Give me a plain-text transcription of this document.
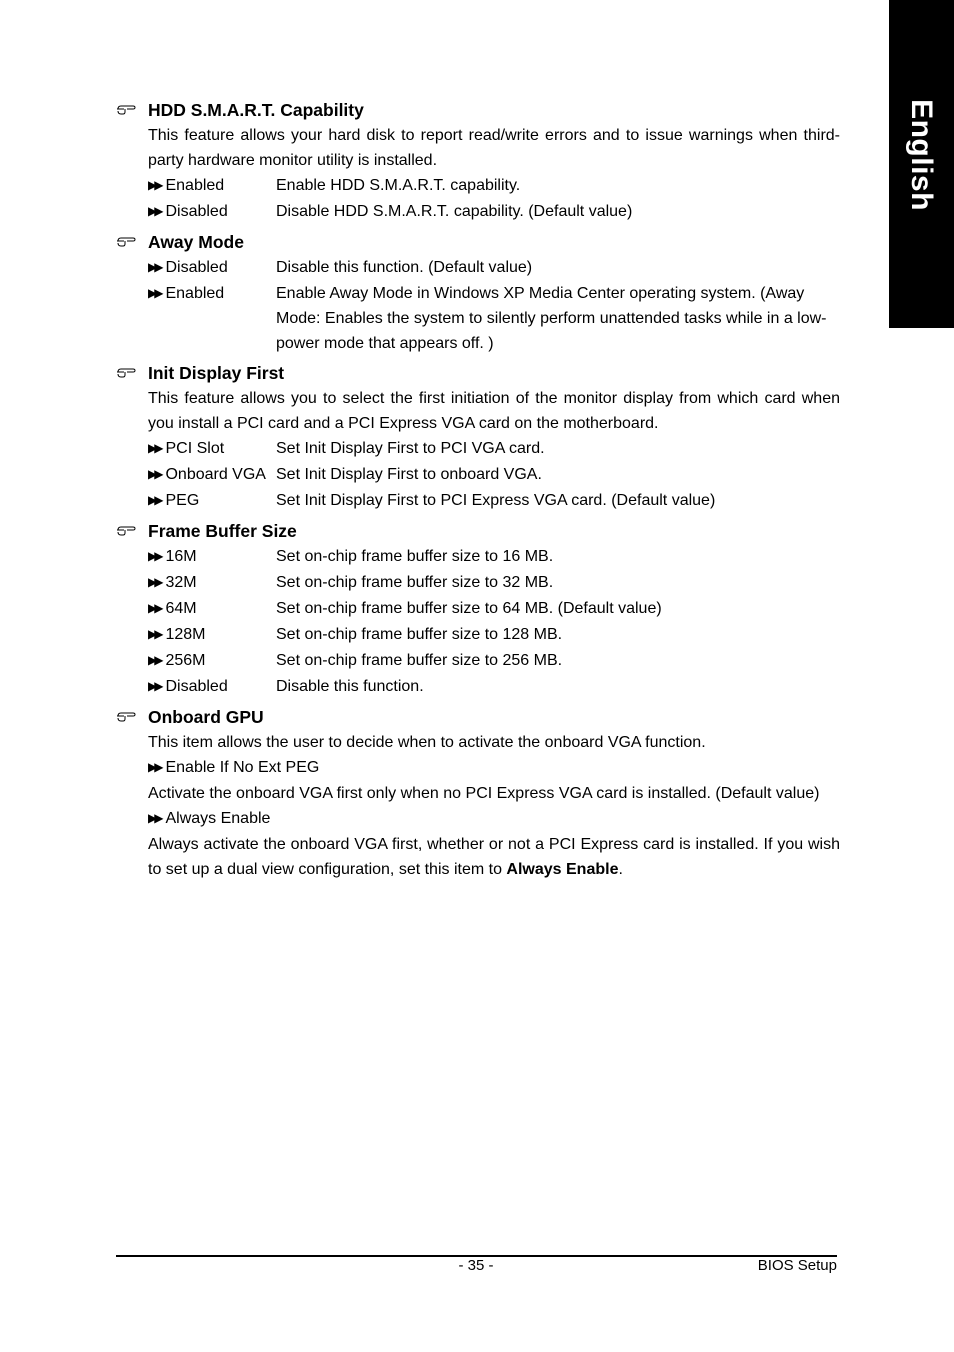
English
HDD S.M.A.R.T. Capability
This feature allows your hard disk to report read/write errors and to issue warnings when third-party hardware monitor utility is installed.
▶▶ Enabled	Enable HDD S.M.A.R.T. capability.
▶▶ Disabled	Disable HDD S.M.A.R.T. capability. (Default value)
Away Mode
▶▶ Disabled	Disable this function. (Default value)
▶▶ Enabled	Enable Away Mode in Windows XP Media Center operating system. (Away Mode: Enables the system to silently perform unattended tasks while in a low-power mode that appears off. )
Init Display First
This feature allows you to select the first initiation of the monitor display from which card when you install a PCI card and a PCI Express VGA card on the motherboard.
▶▶ PCI Slot	Set Init Display First to PCI VGA card.
▶▶ Onboard VGA Set Init Display First to onboard VGA.
▶▶ PEG	Set Init Display First to PCI Express VGA card. (Default value)
Frame Buffer Size
▶▶ 16M	Set on-chip frame buffer size to 16 MB.
▶▶ 32M	Set on-chip frame buffer size to 32 MB.
▶▶ 64M	Set on-chip frame buffer size to 64 MB. (Default value)
▶▶ 128M	Set on-chip frame buffer size to 128 MB.
▶▶ 256M	Set on-chip frame buffer size to 256 MB.
▶▶ Disabled	Disable this function.
Onboard GPU
This item allows the user to decide when to activate the onboard VGA function.
▶▶ Enable If No Ext PEG
Activate the onboard VGA first only when no PCI Express VGA card is installed. (Default value)
▶▶ Always Enable
Always activate the onboard VGA first, whether or not a PCI Express card is installed. If you wish to set up a dual view configuration, set this item to Always Enable.
- 35 -	BIOS Setup
